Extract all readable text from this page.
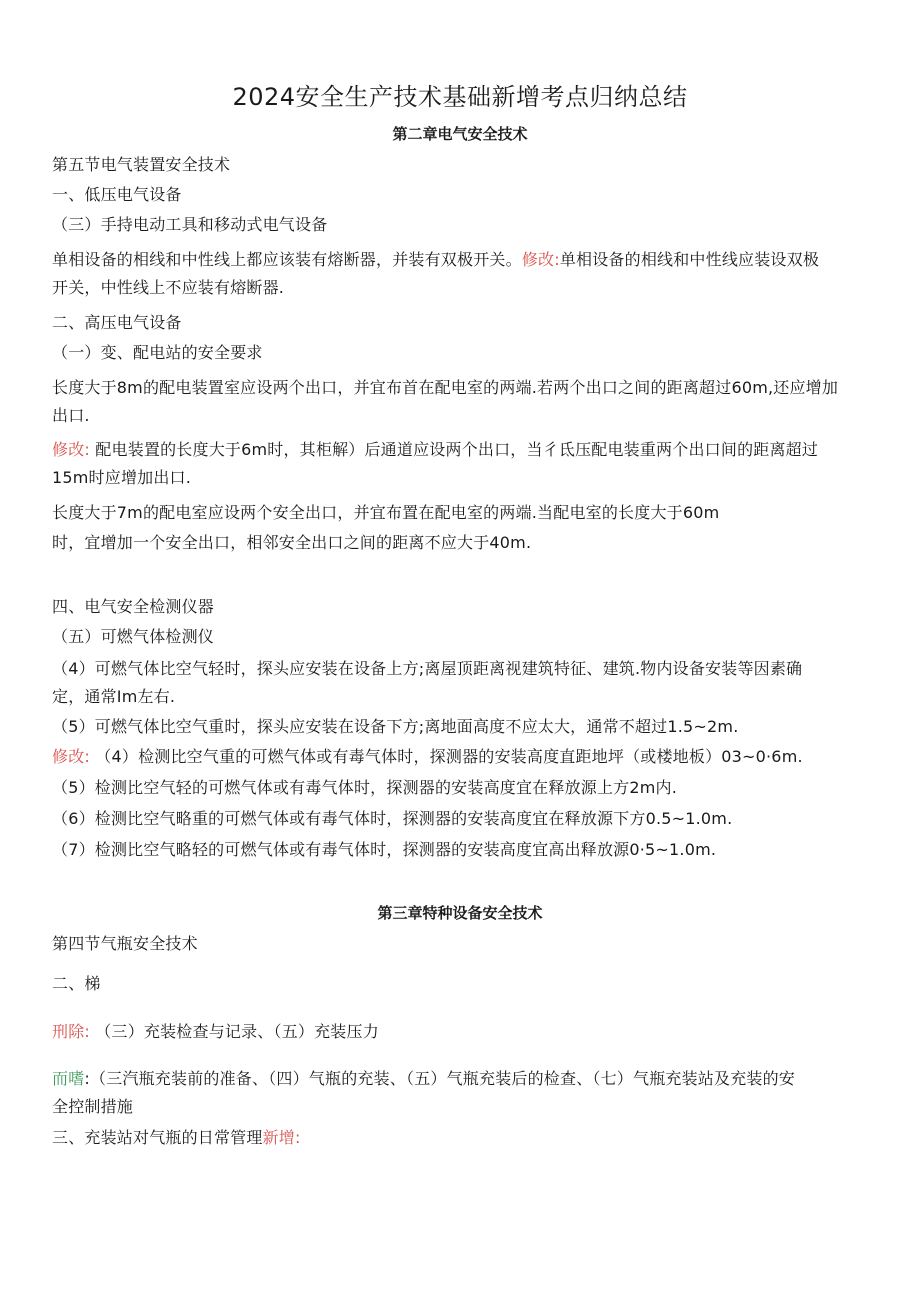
2024安全生产技术基础新增考点归纳总结
第二章电气安全技术
第五节电气装置安全技术
一、低压电气设备
（三）手持电动工具和移动式电气设备
单相设备的相线和中性线上都应该装有熔断器，并装有双极开关。修改:单相设备的相线和中性线应装设双极
开关，中性线上不应装有熔断器.
二、高压电气设备
（一）变、配电站的安全要求
长度大于8m的配电装置室应设两个出口，并宜布首在配电室的两端.若两个出口之间的距离超过60m,还应增加
出口.
修改: 配电装置的长度大于6m时，其柜解）后通道应设两个出口，当彳氐压配电装重两个出口间的距离超过
15m时应增加出口.
长度大于7m的配电室应设两个安全出口，并宜布置在配电室的两端.当配电室的长度大于60m
时，宜增加一个安全出口，相邻安全出口之间的距离不应大于40m.
四、电气安全检测仪器
（五）可燃气体检测仪
（4）可燃气体比空气轻时，探头应安装在设备上方;离屋顶距离视建筑特征、建筑.物内设备安装等因素确
定，通常Im左右.
（5）可燃气体比空气重时，探头应安装在设备下方;离地面高度不应太大，通常不超过1.5~2m.
修改: （4）检测比空气重的可燃气体或有毒气体时，探测器的安装高度直距地坪（或楼地板）03~0·6m.
（5）检测比空气轻的可燃气体或有毒气体时，探测器的安装高度宜在释放源上方2m内.
（6）检测比空气略重的可燃气体或有毒气体时，探测器的安装高度宜在释放源下方0.5~1.0m.
（7）检测比空气略轻的可燃气体或有毒气体时，探测器的安装高度宜高出释放源0·5~1.0m.
第三章特种设备安全技术
第四节气瓶安全技术
二、梯
刑除: （三）充装检查与记录、（五）充装压力
而嗜:（三汽瓶充装前的准备、（四）气瓶的充装、（五）气瓶充装后的检查、（七）气瓶充装站及充装的安
全控制措施
三、充装站对气瓶的日常管理新增:
